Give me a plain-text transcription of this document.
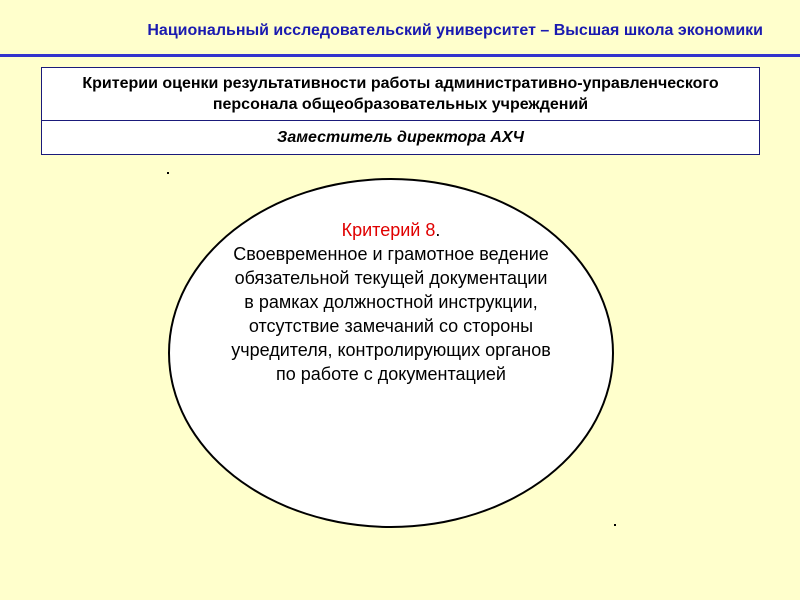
Национальный исследовательский университет – Высшая школа экономики
Критерии оценки результативности работы административно-управленческого персонала общеобразовательных учреждений
Заместитель директора АХЧ
Критерий 8.
Своевременное и грамотное ведение обязательной текущей документации в рамках должностной инструкции, отсутствие замечаний со стороны учредителя, контролирующих органов по работе с документацией
